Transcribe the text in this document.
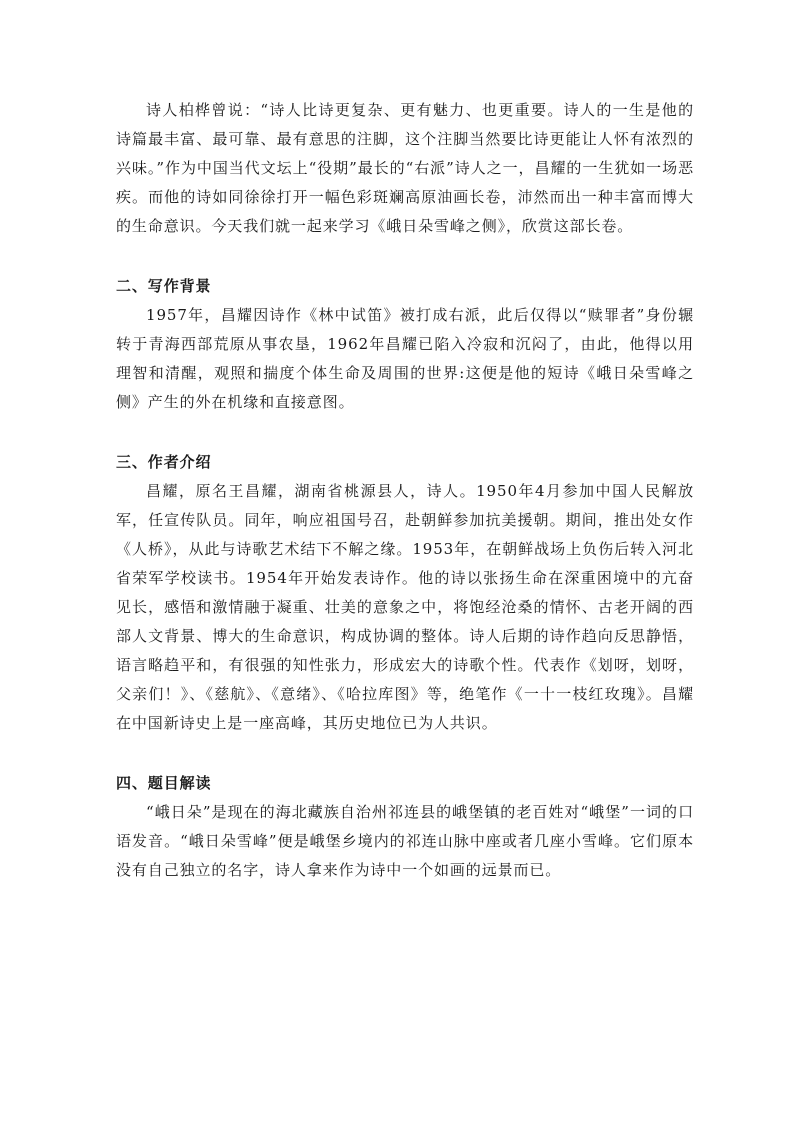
诗人柏桦曾说：“诗人比诗更复杂、更有魅力、也更重要。诗人的一生是他的诗篇最丰富、最可靠、最有意思的注脚，这个注脚当然要比诗更能让人怀有浓烈的兴味。”作为中国当代文坛上“役期”最长的“右派”诗人之一，昌耀的一生犹如一场恶疾。而他的诗如同徐徐打开一幅色彩斑斓高原油画长卷，沛然而出一种丰富而博大的生命意识。今天我们就一起来学习《峨日朵雪峰之侧》，欣赏这部长卷。

二、写作背景

1957年，昌耀因诗作《林中试笛》被打成右派，此后仅得以“赎罪者”身份辗转于青海西部荒原从事农垦，1962年昌耀已陷入冷寂和沉闷了，由此，他得以用理智和清醒，观照和揣度个体生命及周围的世界:这便是他的短诗《峨日朵雪峰之侧》产生的外在机缘和直接意图。

三、作者介绍

昌耀，原名王昌耀，湖南省桃源县人，诗人。1950年4月参加中国人民解放军，任宣传队员。同年，响应祖国号召，赴朝鲜参加抗美援朝。期间，推出处女作《人桥》，从此与诗歌艺术结下不解之缘。1953年，在朝鲜战场上负伤后转入河北省荣军学校读书。1954年开始发表诗作。他的诗以张扬生命在深重困境中的亢奋见长，感悟和激情融于凝重、壮美的意象之中，将饱经沧桑的情怀、古老开阔的西部人文背景、博大的生命意识，构成协调的整体。诗人后期的诗作趋向反思静悟，语言略趋平和，有很强的知性张力，形成宏大的诗歌个性。代表作《划呀，划呀，父亲们！》、《慈航》、《意绪》、《哈拉库图》等，绝笔作《一十一枝红玫瑰》。昌耀在中国新诗史上是一座高峰，其历史地位已为人共识。

四、题目解读

“峨日朵”是现在的海北藏族自治州祁连县的峨堡镇的老百姓对“峨堡”一词的口语发音。“峨日朵雪峰”便是峨堡乡境内的祁连山脉中座或者几座小雪峰。它们原本没有自己独立的名字，诗人拿来作为诗中一个如画的远景而已。
